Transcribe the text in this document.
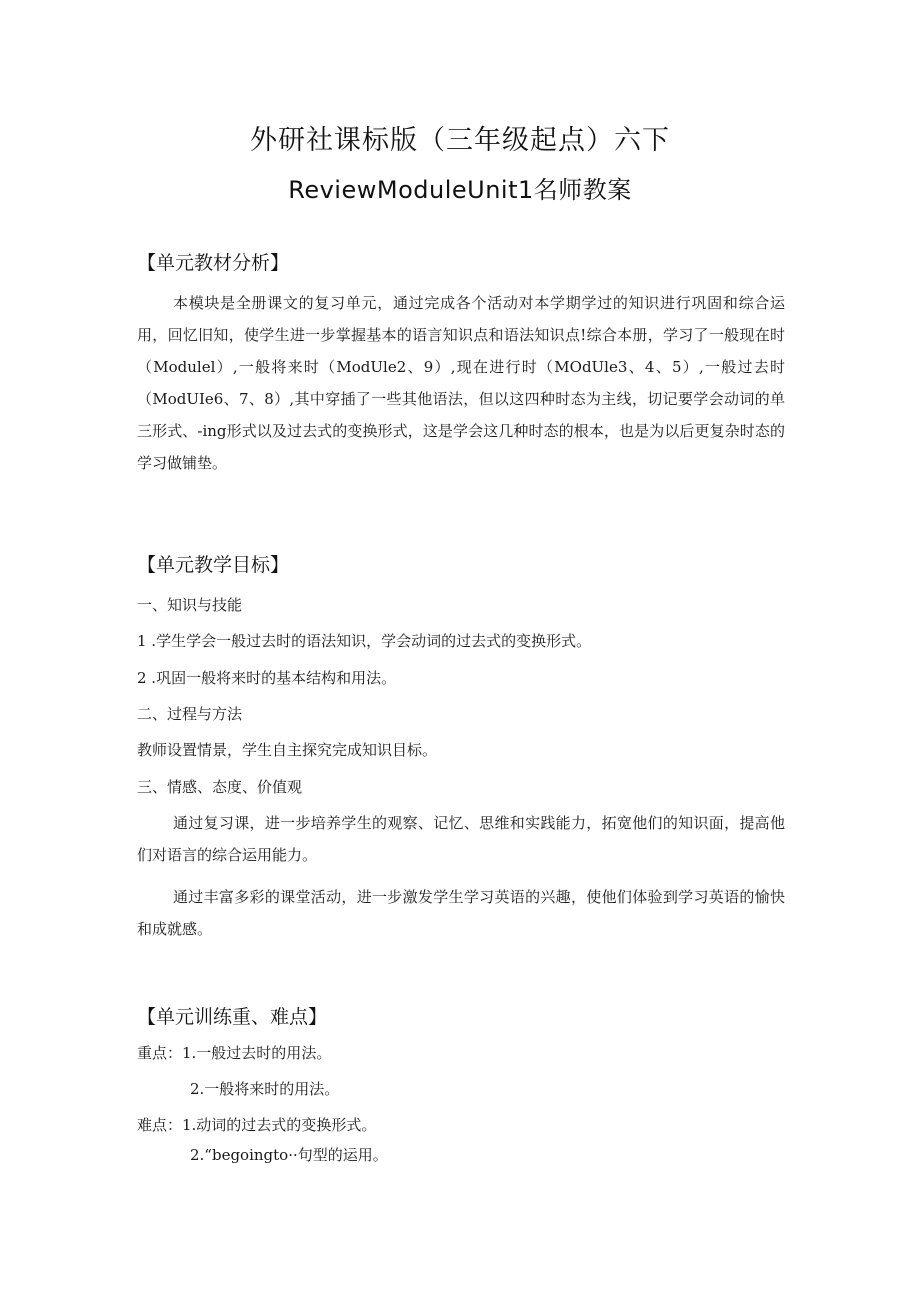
外研社课标版（三年级起点）六下
ReviewModuleUnit1名师教案
【单元教材分析】
本模块是全册课文的复习单元，通过完成各个活动对本学期学过的知识进行巩固和综合运用，回忆旧知，使学生进一步掌握基本的语言知识点和语法知识点!综合本册，学习了一般现在时（Modulel）,一般将来时（ModUle2、9）,现在进行时（MOdUle3、4、5）,一般过去时（ModUIe6、7、8）,其中穿插了一些其他语法，但以这四种时态为主线，切记要学会动词的单三形式、-ing形式以及过去式的变换形式，这是学会这几种时态的根本，也是为以后更复杂时态的学习做铺垫。
【单元教学目标】
一、知识与技能
1 .学生学会一般过去时的语法知识，学会动词的过去式的变换形式。
2 .巩固一般将来时的基本结构和用法。
二、过程与方法
教师设置情景，学生自主探究完成知识目标。
三、情感、态度、价值观
通过复习课，进一步培养学生的观察、记忆、思维和实践能力，拓宽他们的知识面，提高他们对语言的综合运用能力。
通过丰富多彩的课堂活动，进一步激发学生学习英语的兴趣，使他们体验到学习英语的愉快和成就感。
【单元训练重、难点】
重点：1.一般过去时的用法。
2.一般将来时的用法。
难点：1.动词的过去式的变换形式。
2.“begoingto··句型的运用。
